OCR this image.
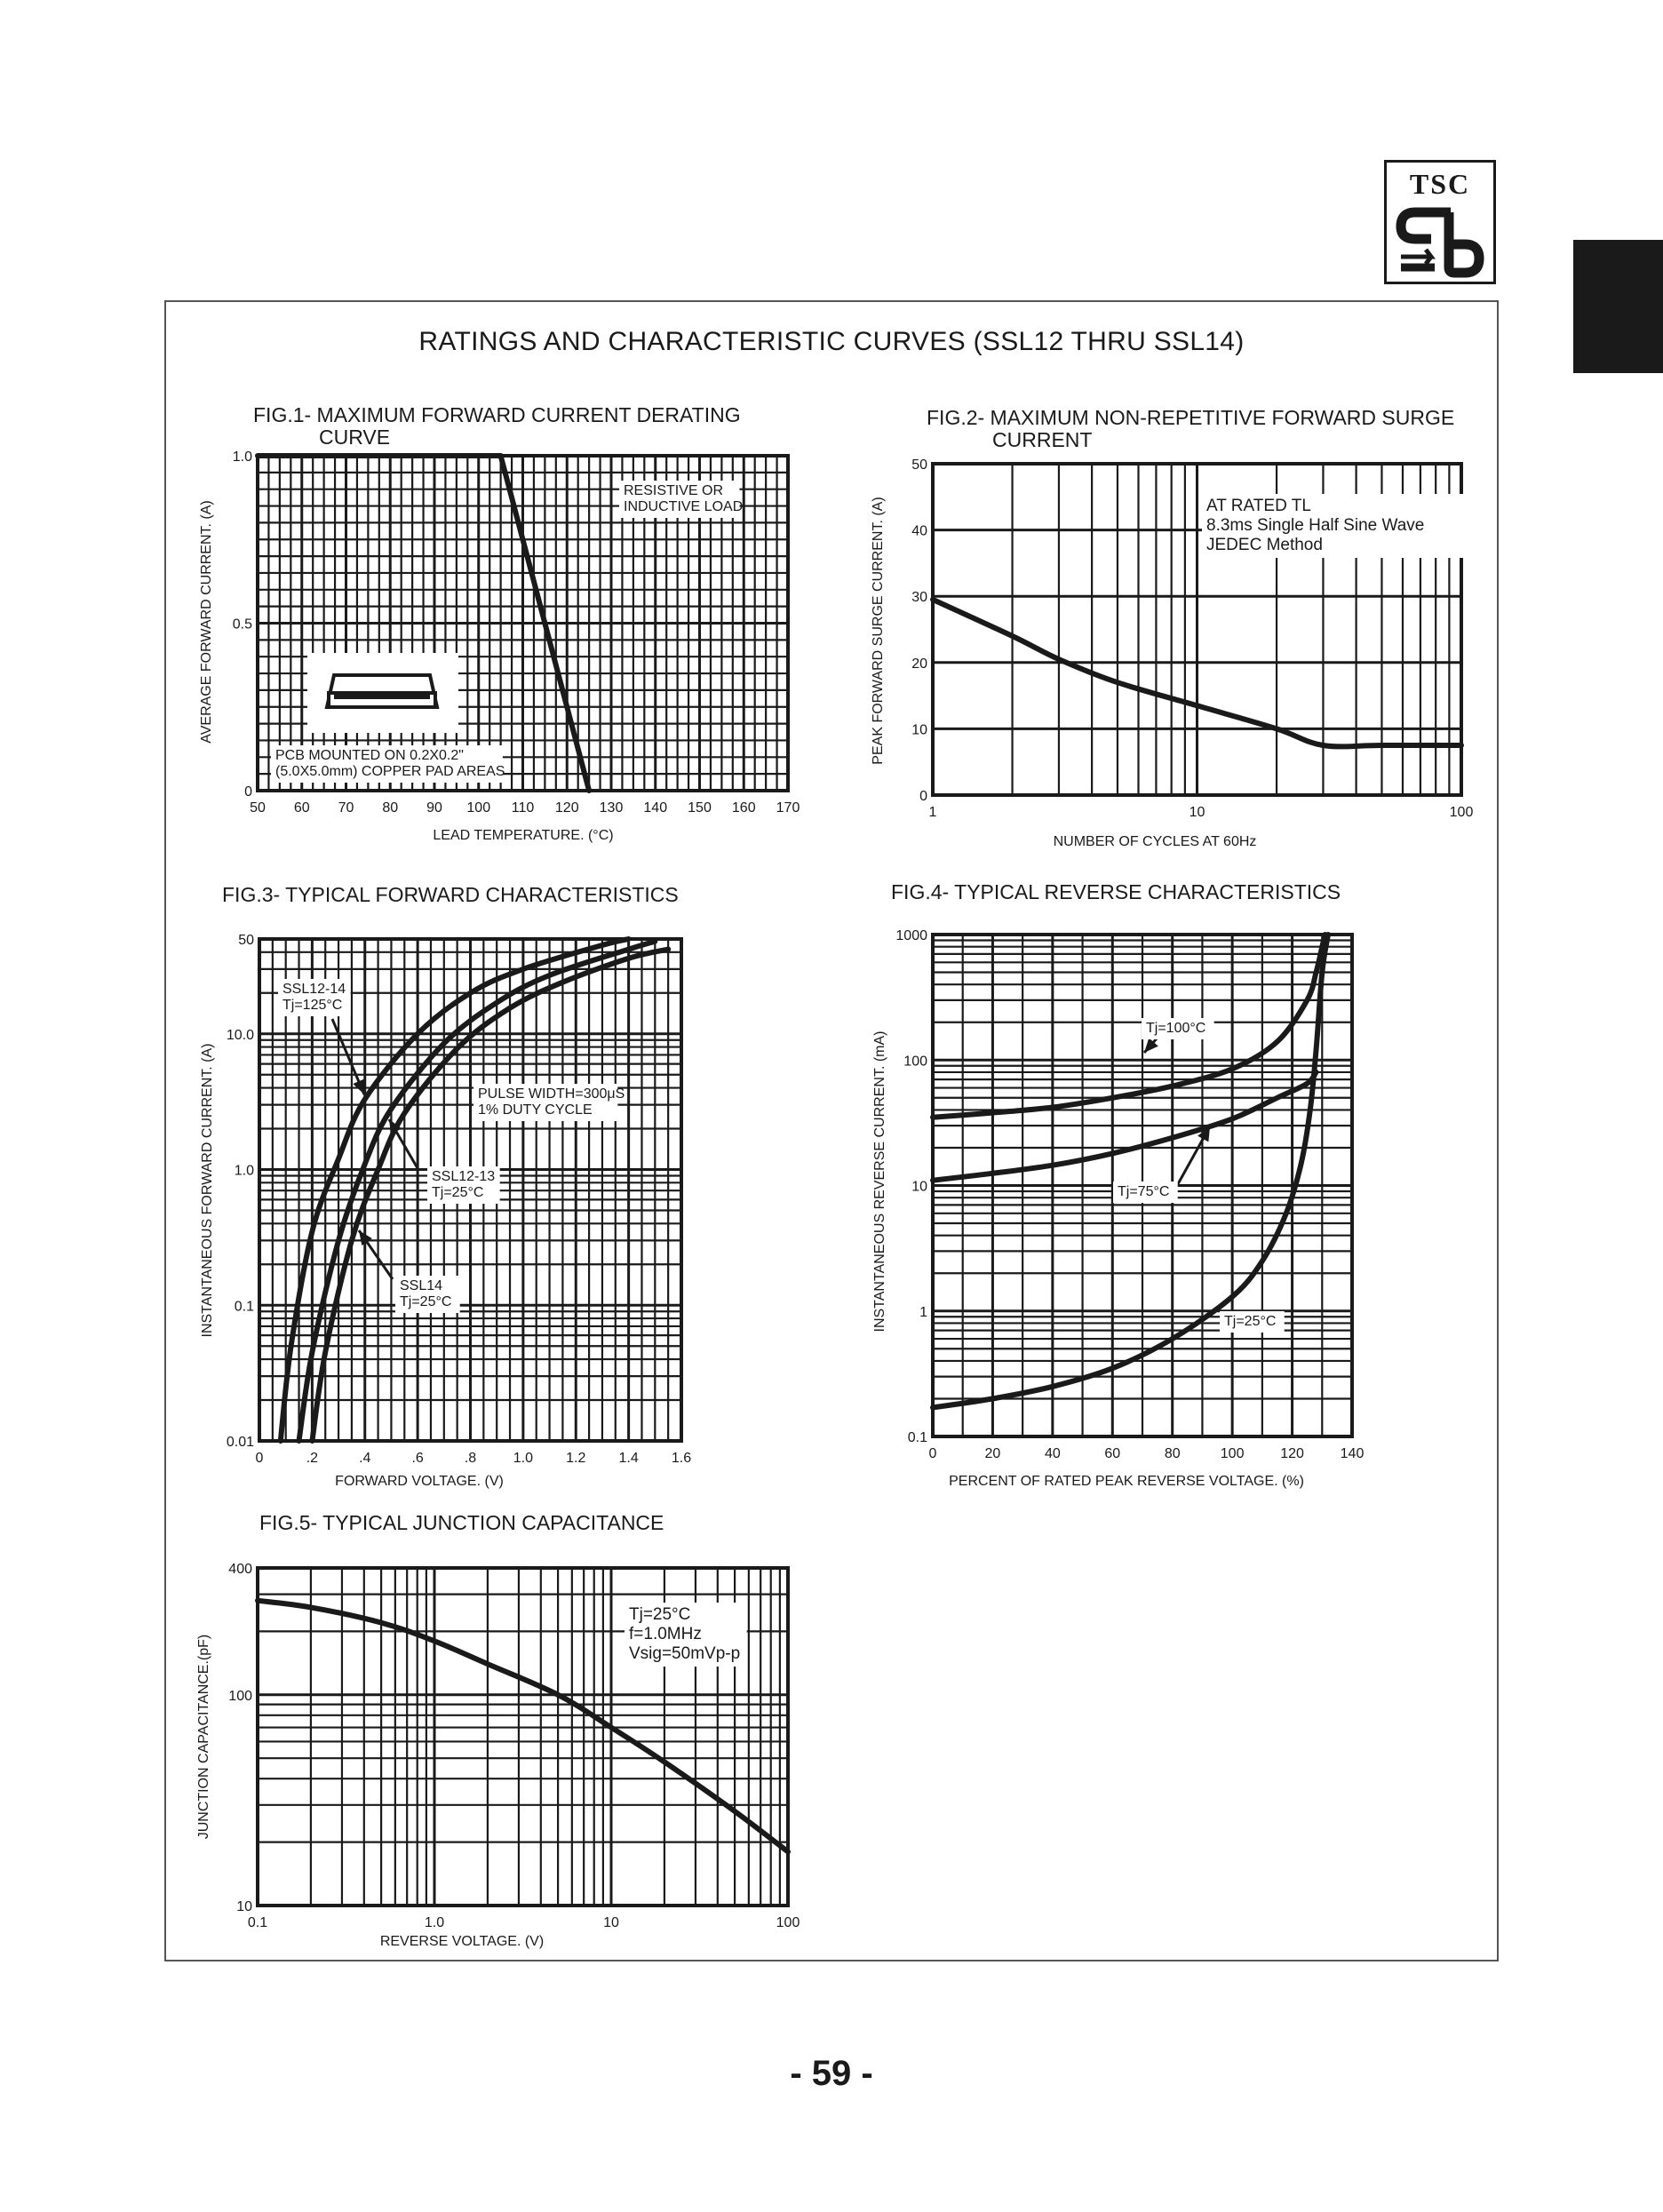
TSC
RATINGS AND CHARACTERISTIC CURVES (SSL12 THRU SSL14)
FIG.1- MAXIMUM FORWARD CURRENT DERATING
CURVE
FIG.2- MAXIMUM NON-REPETITIVE FORWARD SURGE
CURRENT
FIG.3- TYPICAL FORWARD CHARACTERISTICS	FIG.4- TYPICAL REVERSE CHARACTERISTICS
FIG.5- TYPICAL JUNCTION CAPACITANCE
50 60 70 80 90 100 110 120 130 140 150 160 170
0
0.5
1.0
LEAD TEMPERATURE. (°C)
AVERAGE FORWARD CURRENT. (A)
RESISTIVE OR
INDUCTIVE LOAD
PCB MOUNTED ON 0.2X0.2"
(5.0X5.0mm) COPPER PAD AREAS
1	10	100
0
10
20
30
40
50
NUMBER OF CYCLES AT 60Hz
PEAK FORWARD SURGE CURRENT. (A)	AT RATED TL
8.3ms Single Half Sine Wave
JEDEC Method
0	.2	.4	.6	.8	1.0 1.2 1.4 1.6
0.01
0.1
1.0
10.0
50
FORWARD VOLTAGE. (V)
INSTANTANEOUS FORWARD CURRENT. (A)
SSL12-14
Tj=125°C
PULSE WIDTH=300μS
1% DUTY CYCLE
SSL12-13
Tj=25°C
SSL14
Tj=25°C
0	20	40	60	80	100	120	140
0.1
1
10
100
1000
PERCENT OF RATED PEAK REVERSE VOLTAGE. (%)
INSTANTANEOUS REVERSE CURRENT. (mA)
Tj=100°C
Tj=75°C
Tj=25°C
0.1	1.0	10	100
10
100
400
REVERSE VOLTAGE. (V)
JUNCTION CAPACITANCE.(pF)
Tj=25°C
f=1.0MHz
Vsig=50mVp-p
- 59 -
